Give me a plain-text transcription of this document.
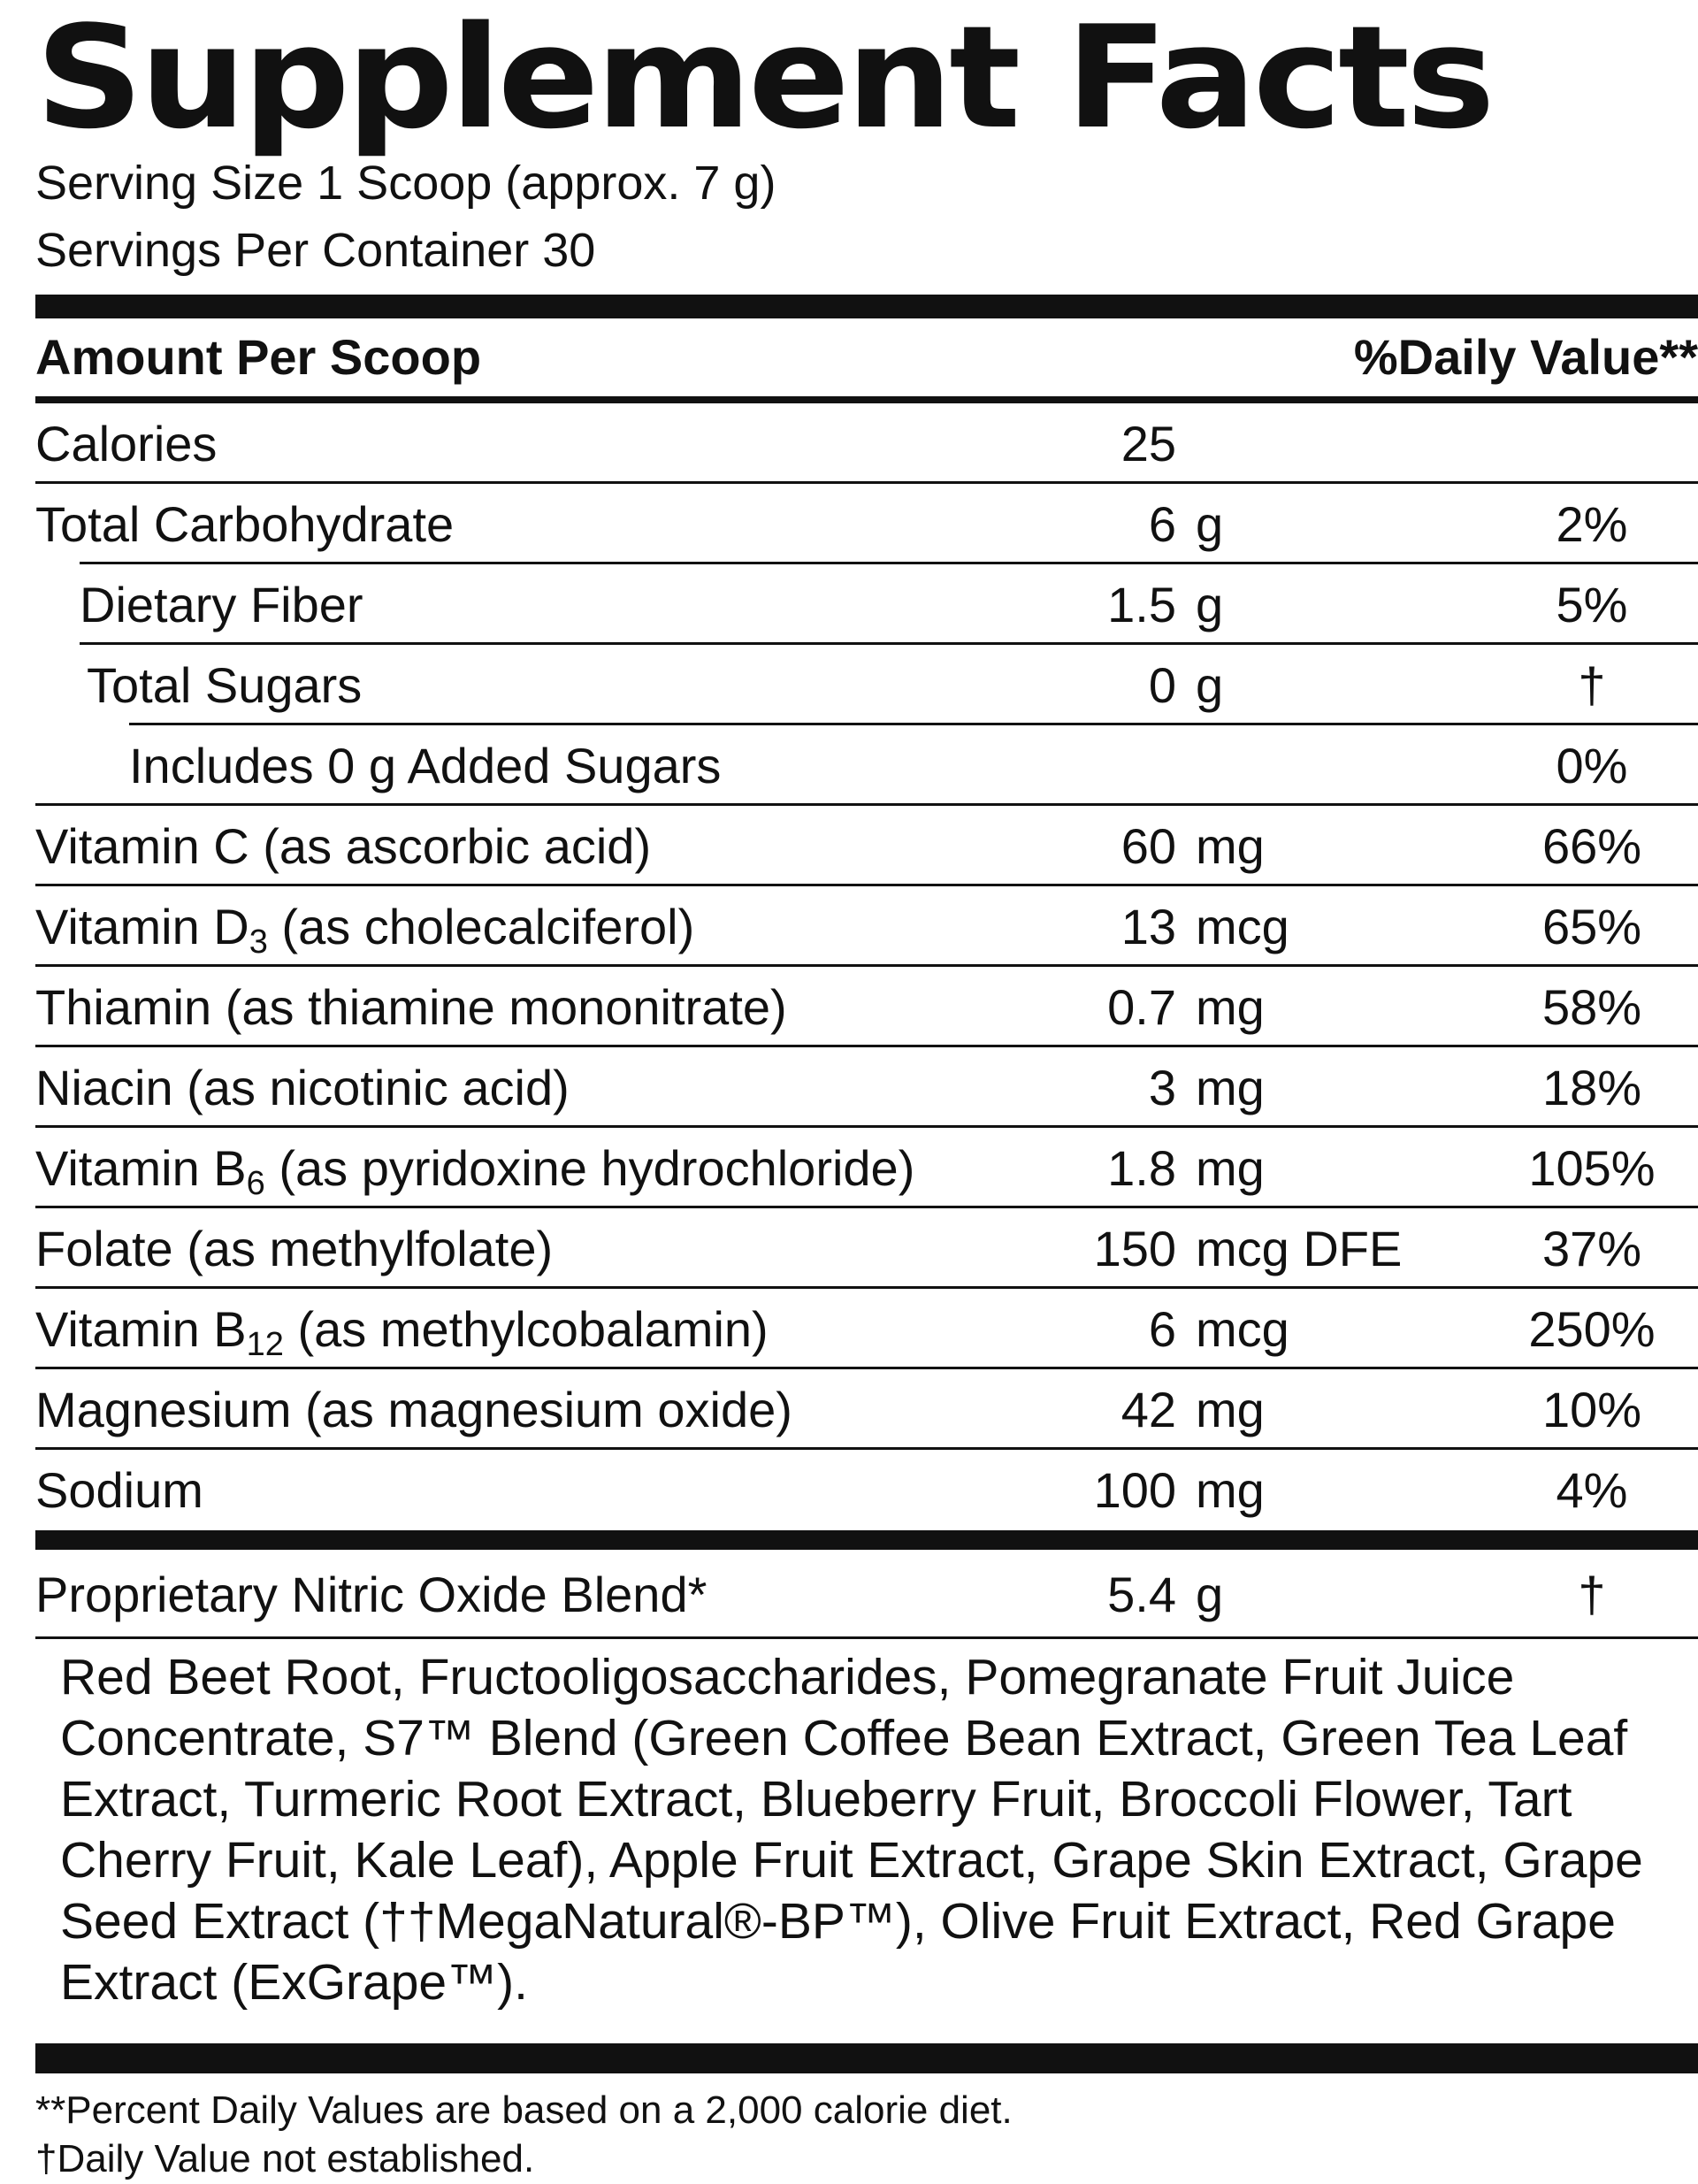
Supplement Facts
Serving Size 1 Scoop (approx. 7 g)
Servings Per Container 30
Amount Per Scoop	%Daily Value**
Calories	25
Total Carbohydrate	6 g	2%
Dietary Fiber	1.5 g	5%
Total Sugars	0 g	†
Includes 0 g Added Sugars	0%
Vitamin C (as ascorbic acid)	60 mg	66%
Vitamin $D_3$ (as cholecalciferol)	13 mcg	65%
Thiamin (as thiamine mononitrate)	0.7 mg	58%
Niacin (as nicotinic acid)	3 mg	18%
Vitamin $B_6$ (as pyridoxine hydrochloride)	1.8 mg	105%
Folate (as methylfolate)	150 mcg DFE	37%
Vitamin $B_{12}$ (as methylcobalamin)	6 mcg	250%
Magnesium (as magnesium oxide)	42 mg	10%
Sodium	100 mg	4%
Proprietary Nitric Oxide Blend*	5.4 g	†
Red Beet Root, Fructooligosaccharides, Pomegranate Fruit Juice Concentrate, S7™ Blend (Green Coffee Bean Extract, Green Tea Leaf Extract, Turmeric Root Extract, Blueberry Fruit, Broccoli Flower, Tart Cherry Fruit, Kale Leaf), Apple Fruit Extract, Grape Skin Extract, Grape Seed Extract (††MegaNatural®-BP™), Olive Fruit Extract, Red Grape Extract (ExGrape™).
**Percent Daily Values are based on a 2,000 calorie diet.
†Daily Value not established.
